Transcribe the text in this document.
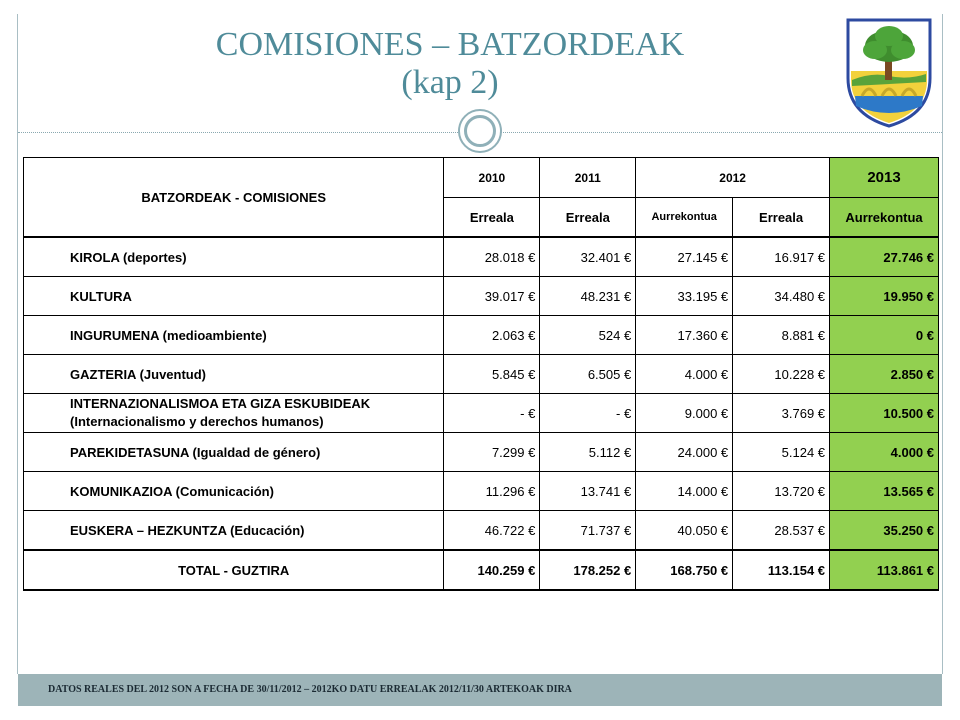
COMISIONES – BATZORDEAK
(kap 2)
BATZORDEAK - COMISIONES	2010	2011	2012		2013
	Erreala	Erreala	Aurrekontua	Erreala	Aurrekontua
KIROLA (deportes)	28.018 €	32.401 €	27.145 €	16.917 €	27.746 €
KULTURA	39.017 €	48.231 €	33.195 €	34.480 €	19.950 €
INGURUMENA (medioambiente)	2.063 €	524 €	17.360 €	8.881 €	0 €
GAZTERIA (Juventud)	5.845 €	6.505 €	4.000 €	10.228 €	2.850 €
INTERNAZIONALISMOA ETA GIZA ESKUBIDEAK
(Internacionalismo y derechos humanos)	- €	- €	9.000 €	3.769 €	10.500 €
PAREKIDETASUNA (Igualdad de género)	7.299 €	5.112 €	24.000 €	5.124 €	4.000 €
KOMUNIKAZIOA (Comunicación)	11.296 €	13.741 €	14.000 €	13.720 €	13.565 €
EUSKERA – HEZKUNTZA (Educación)	46.722 €	71.737 €	40.050 €	28.537 €	35.250 €
TOTAL - GUZTIRA	140.259 €	178.252 €	168.750 €	113.154 €	113.861 €
DATOS REALES DEL 2012 SON A FECHA DE 30/11/2012 – 2012KO DATU ERREALAK 2012/11/30 ARTEKOAK DIRA
